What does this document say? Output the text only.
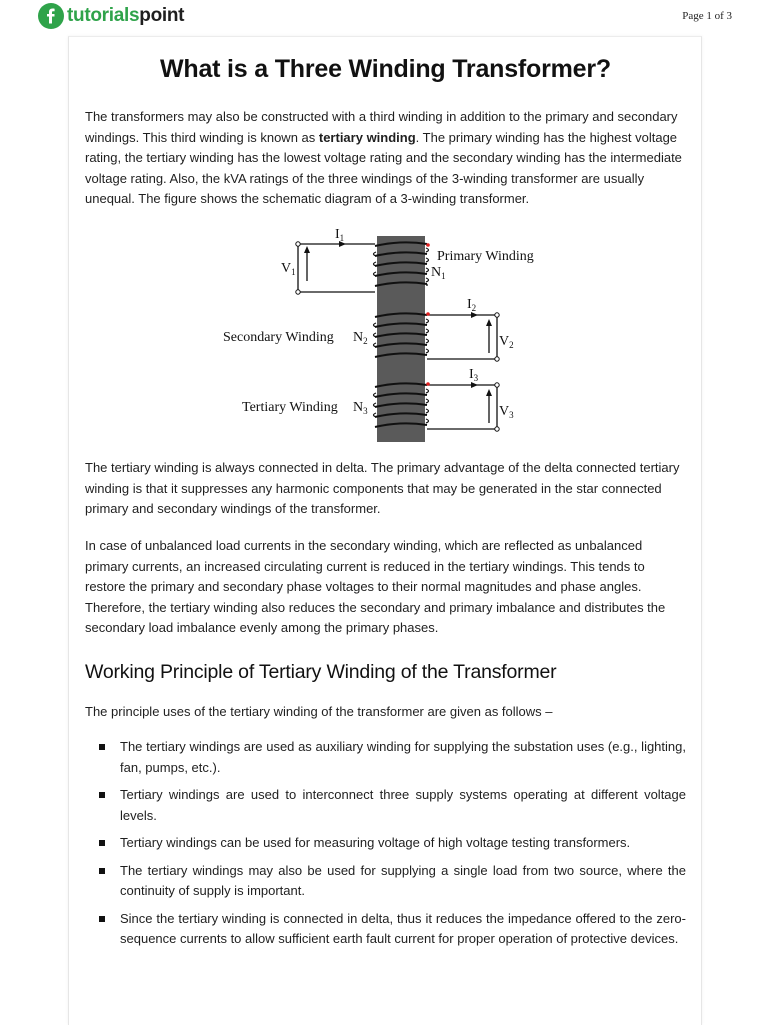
tutorialspoint	Page 1 of 3
What is a Three Winding Transformer?

The transformers may also be constructed with a third winding in addition to the primary and secondary windings. This third winding is known as tertiary winding. The primary winding has the highest voltage rating, the tertiary winding has the lowest voltage rating and the secondary winding has the intermediate voltage rating. Also, the kVA ratings of the three windings of the 3-winding transformer are usually unequal. The figure shows the schematic diagram of a 3-winding transformer.

$I_1$
$V_1$
Primary Winding
$N_1$
$I_2$
$V_2$
Secondary Winding $N_2$
$I_3$
$V_3$
Tertiary Winding $N_3$

The tertiary winding is always connected in delta. The primary advantage of the delta connected tertiary winding is that it suppresses any harmonic components that may be generated in the star connected primary and secondary windings of the transformer.

In case of unbalanced load currents in the secondary winding, which are reflected as unbalanced primary currents, an increased circulating current is reduced in the tertiary windings. This tends to restore the primary and secondary phase voltages to their normal magnitudes and phase angles. Therefore, the tertiary winding also reduces the secondary and primary imbalance and distributes the secondary load imbalance evenly among the primary phases.

Working Principle of Tertiary Winding of the Transformer

The principle uses of the tertiary winding of the transformer are given as follows –

The tertiary windings are used as auxiliary winding for supplying the substation uses (e.g., lighting, fan, pumps, etc.).
Tertiary windings are used to interconnect three supply systems operating at different voltage levels.
Tertiary windings can be used for measuring voltage of high voltage testing transformers.
The tertiary windings may also be used for supplying a single load from two source, where the continuity of supply is important.
Since the tertiary winding is connected in delta, thus it reduces the impedance offered to the zero-sequence currents to allow sufficient earth fault current for proper operation of protective devices.
